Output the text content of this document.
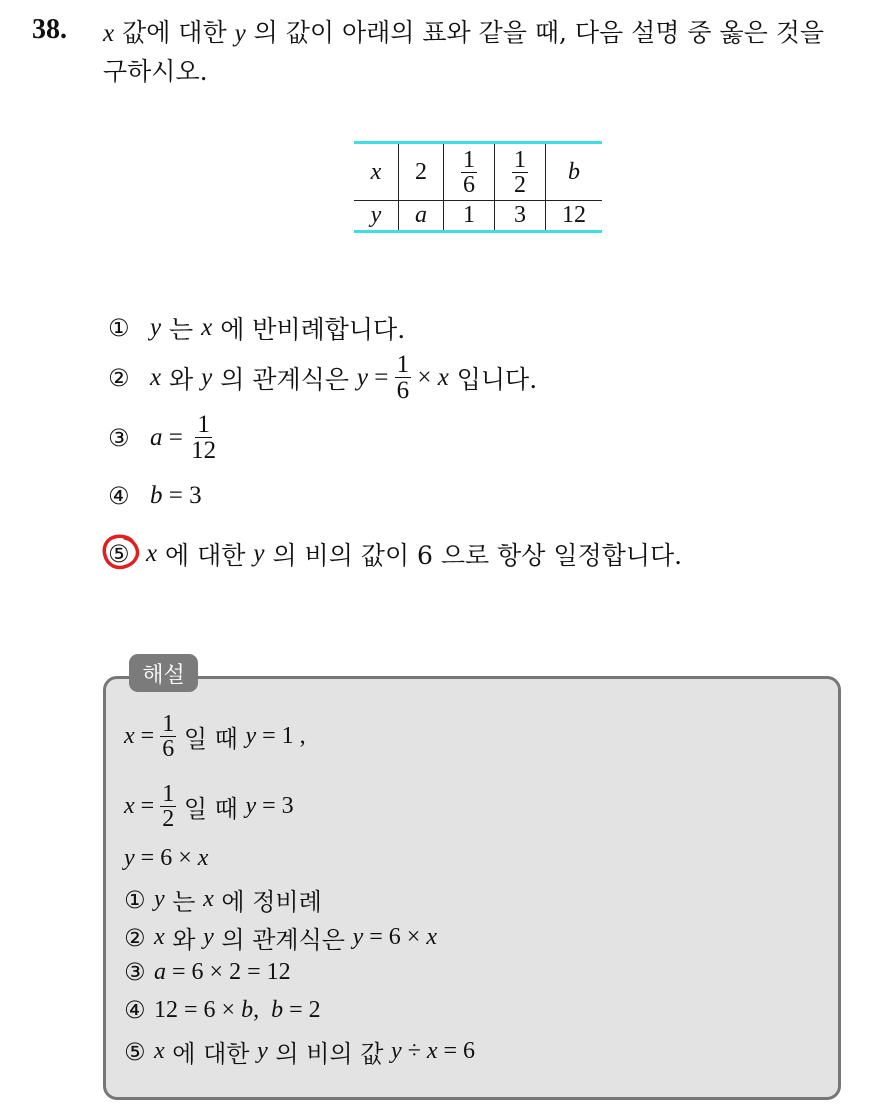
38. x 값에 대한 y 의 값이 아래의 표와 같을 때, 다음 설명 중 옳은 것을
구하시오.
x	2	$\frac{1}{6}$	$\frac{1}{2}$	b
y	a	1	3	12
① y 는 x 에 반비례합니다.
② x 와 y 의 관계식은 $y = \frac{1}{6} \times x$ 입니다.
③ $a = \frac{1}{12}$
④ b = 3
⑤ x 에 대한 y 의 비의 값이 6 으로 항상 일정합니다.
해설
$x = \frac{1}{6}$ 일 때 y = 1 ,
$x = \frac{1}{2}$ 일 때 y = 3
y = 6 × x
① y 는 x 에 정비례
② x 와 y 의 관계식은 y = 6 × x
③ a = 6 × 2 = 12
④ 12 = 6 × b , b = 2
⑤ x 에 대한 y 의 비의 값 y ÷ x = 6
